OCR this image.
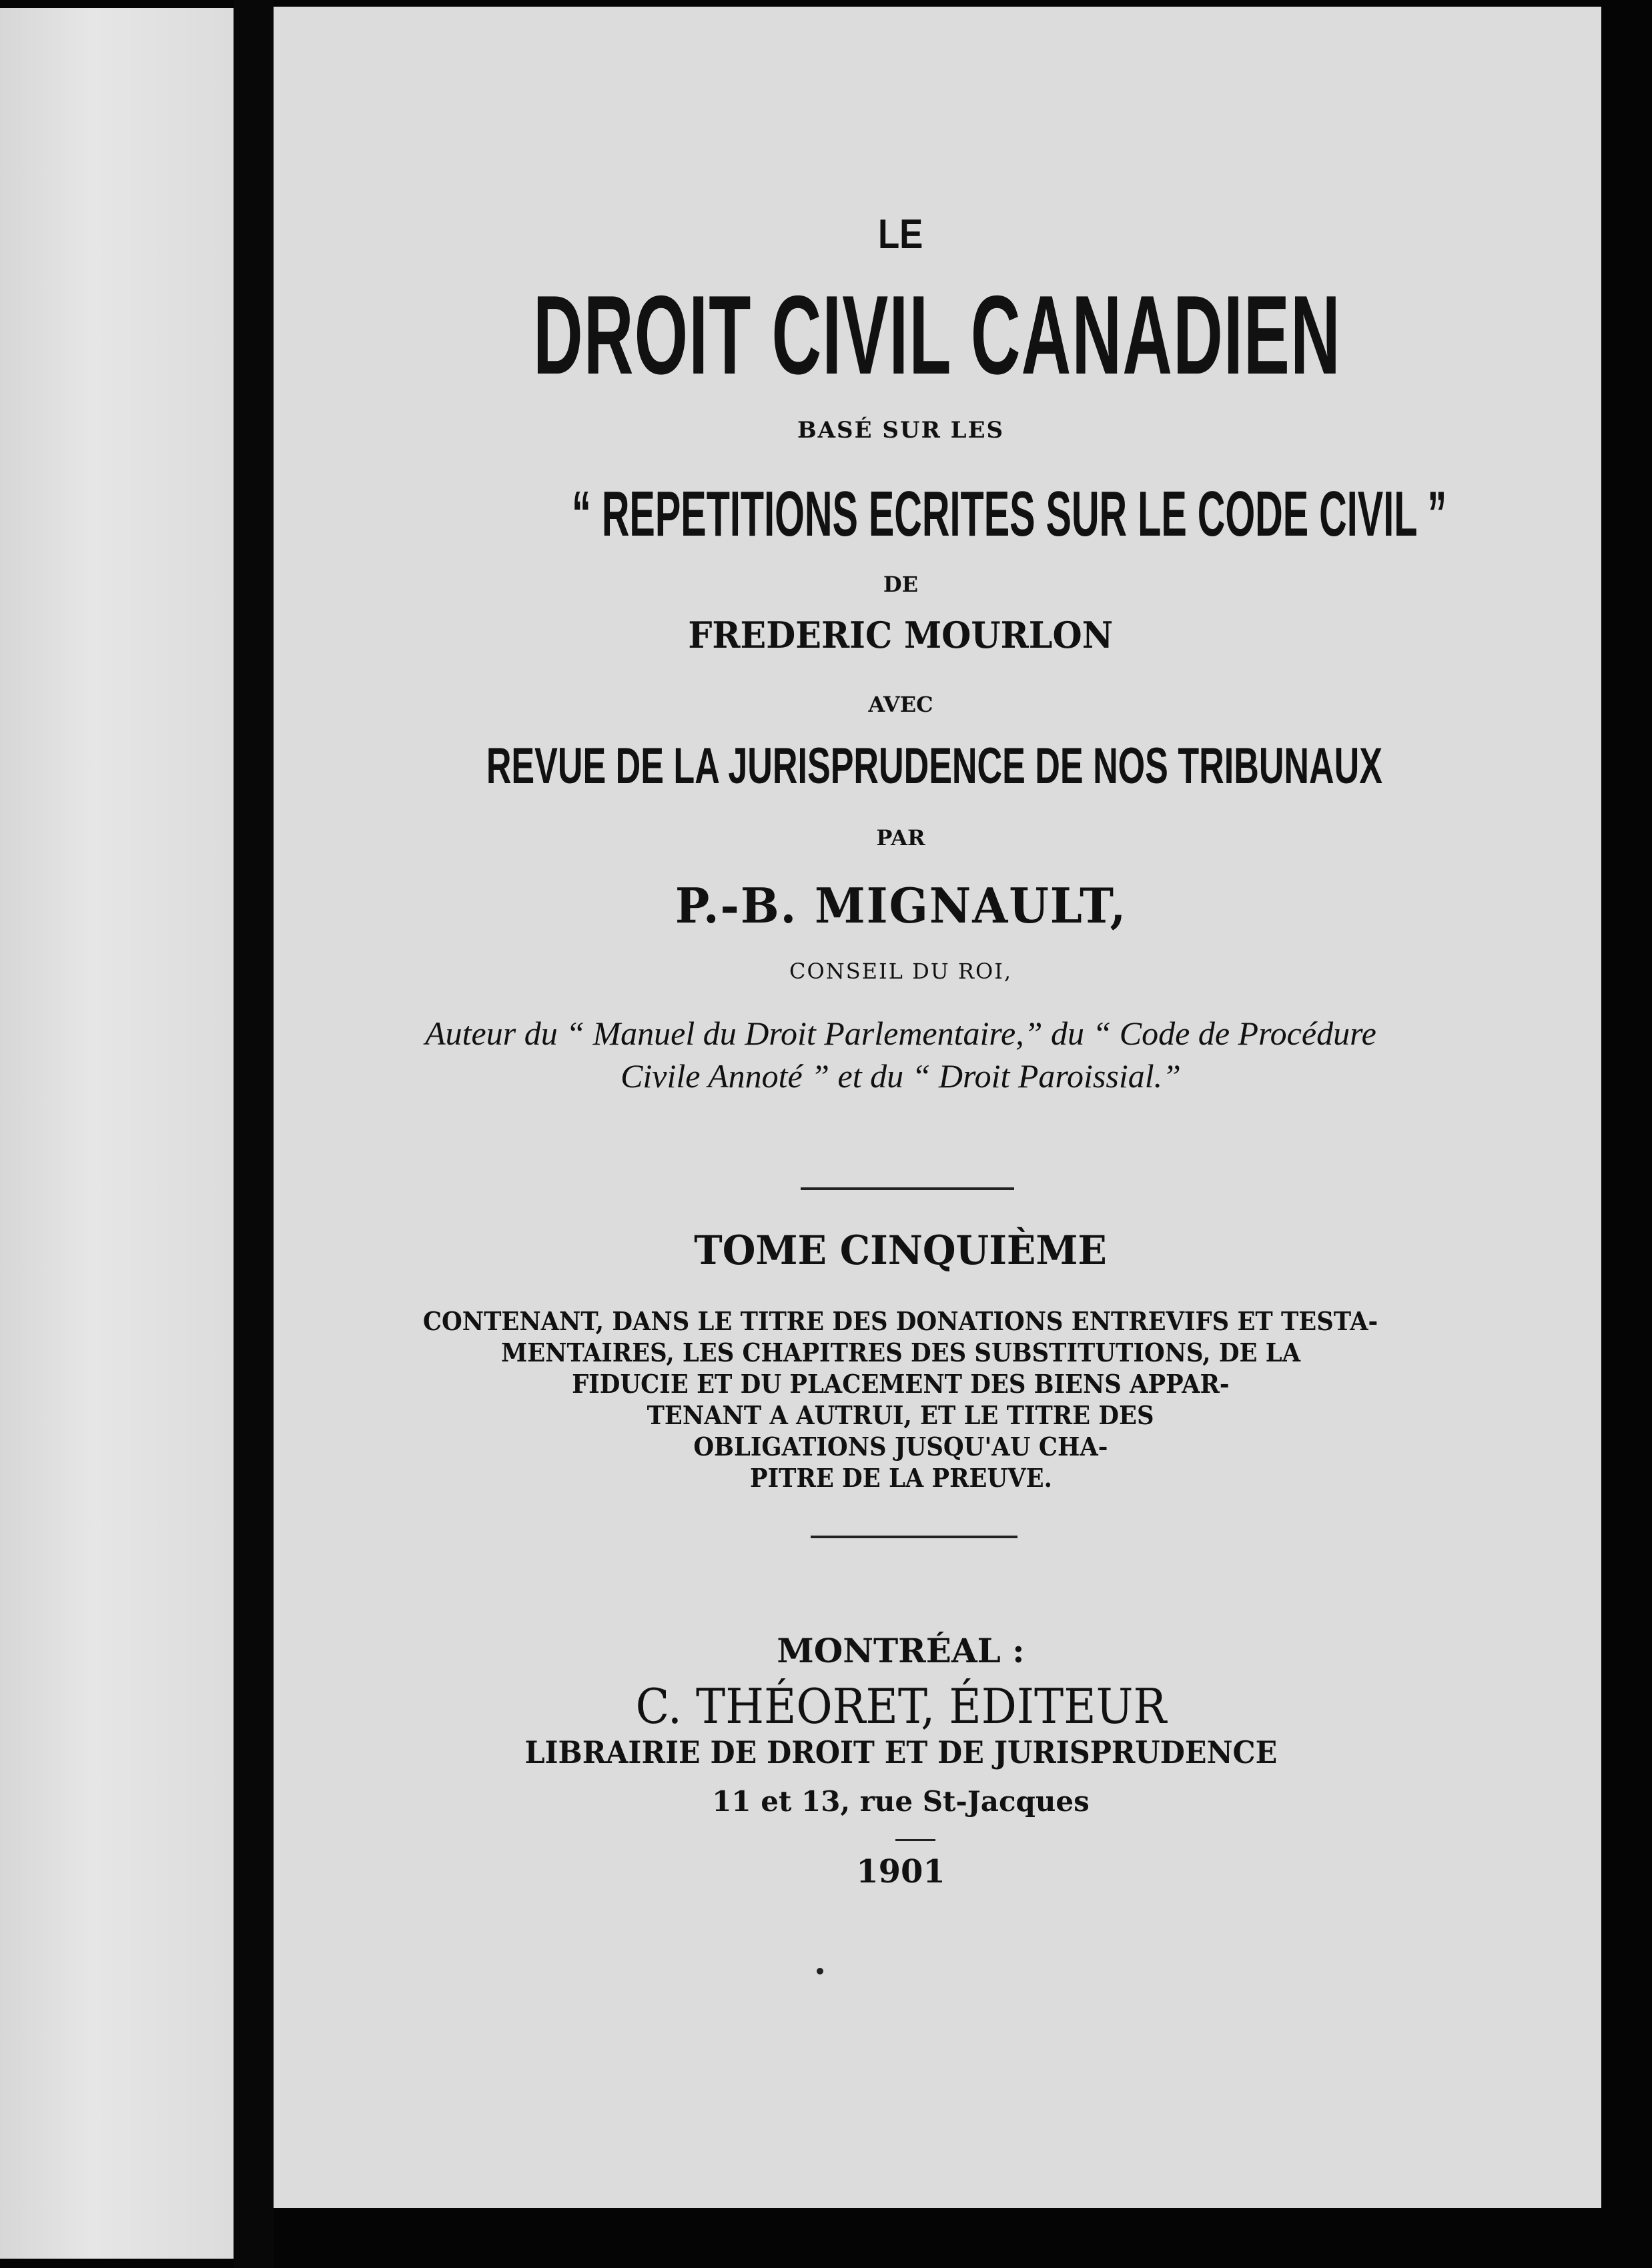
LE
DROIT CIVIL CANADIEN
BASÉ SUR LES
“ REPETITIONS ECRITES SUR LE CODE CIVIL ”
DE
FREDERIC MOURLON
AVEC
REVUE DE LA JURISPRUDENCE DE NOS TRIBUNAUX
PAR
P.-B. MIGNAULT,
CONSEIL DU ROI,
Auteur du “ Manuel du Droit Parlementaire,” du “ Code de Procédure
Civile Annoté ” et du “ Droit Paroissial.”
TOME CINQUIÈME
CONTENANT, DANS LE TITRE DES DONATIONS ENTREVIFS ET TESTA-
MENTAIRES, LES CHAPITRES DES SUBSTITUTIONS, DE LA
FIDUCIE ET DU PLACEMENT DES BIENS APPAR-
TENANT A AUTRUI, ET LE TITRE DES
OBLIGATIONS JUSQU'AU CHA-
PITRE DE LA PREUVE.
MONTRÉAL :
C. THÉORET, ÉDITEUR
LIBRAIRIE DE DROIT ET DE JURISPRUDENCE
11 et 13, rue St-Jacques
1901
